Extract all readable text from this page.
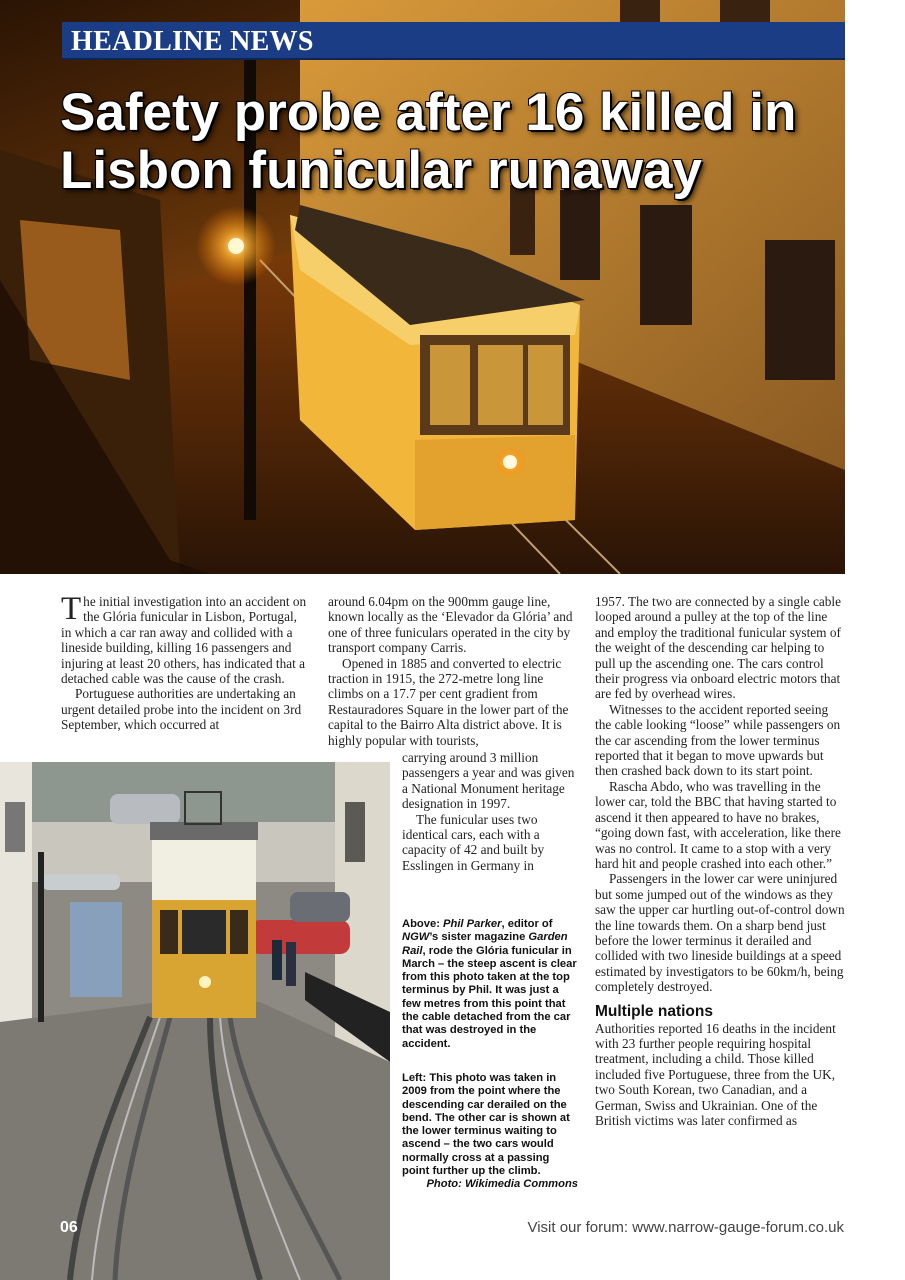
HEADLINE NEWS
Safety probe after 16 killed in Lisbon funicular runaway

The initial investigation into an accident on the Glória funicular in Lisbon, Portugal, in which a car ran away and collided with a lineside building, killing 16 passengers and injuring at least 20 others, has indicated that a detached cable was the cause of the crash.

Portuguese authorities are undertaking an urgent detailed probe into the incident on 3rd September, which occurred at

around 6.04pm on the 900mm gauge line, known locally as the ‘Elevador da Glória’ and one of three funiculars operated in the city by transport company Carris.

Opened in 1885 and converted to electric traction in 1915, the 272-metre long line climbs on a 17.7 per cent gradient from Restauradores Square in the lower part of the capital to the Bairro Alta district above. It is highly popular with tourists,

carrying around 3 million passengers a year and was given a National Monument heritage designation in 1997.

The funicular uses two identical cars, each with a capacity of 42 and built by Esslingen in Germany in

1957. The two are connected by a single cable looped around a pulley at the top of the line and employ the traditional funicular system of the weight of the descending car helping to pull up the ascending one. The cars control their progress via onboard electric motors that are fed by overhead wires.

Witnesses to the accident reported seeing the cable looking “loose” while passengers on the car ascending from the lower terminus reported that it began to move upwards but then crashed back down to its start point.

Rascha Abdo, who was travelling in the lower car, told the BBC that having started to ascend it then appeared to have no brakes, “going down fast, with acceleration, like there was no control. It came to a stop with a very hard hit and people crashed into each other.”

Passengers in the lower car were uninjured but some jumped out of the windows as they saw the upper car hurtling out-of-control down the line towards them. On a sharp bend just before the lower terminus it derailed and collided with two lineside buildings at a speed estimated by investigators to be 60km/h, being completely destroyed.

Multiple nations

Authorities reported 16 deaths in the incident with 23 further people requiring hospital treatment, including a child. Those killed included five Portuguese, three from the UK, two South Korean, two Canadian, and a German, Swiss and Ukrainian. One of the British victims was later confirmed as

Above: Phil Parker, editor of NGW’s sister magazine Garden Rail, rode the Glória funicular in March – the steep ascent is clear from this photo taken at the top terminus by Phil. It was just a few metres from this point that the cable detached from the car that was destroyed in the accident.
Left: This photo was taken in 2009 from the point where the descending car derailed on the bend. The other car is shown at the lower terminus waiting to ascend – the two cars would normally cross at a passing point further up the climb.
Photo: Wikimedia Commons
06	Visit our forum: www.narrow-gauge-forum.co.uk
